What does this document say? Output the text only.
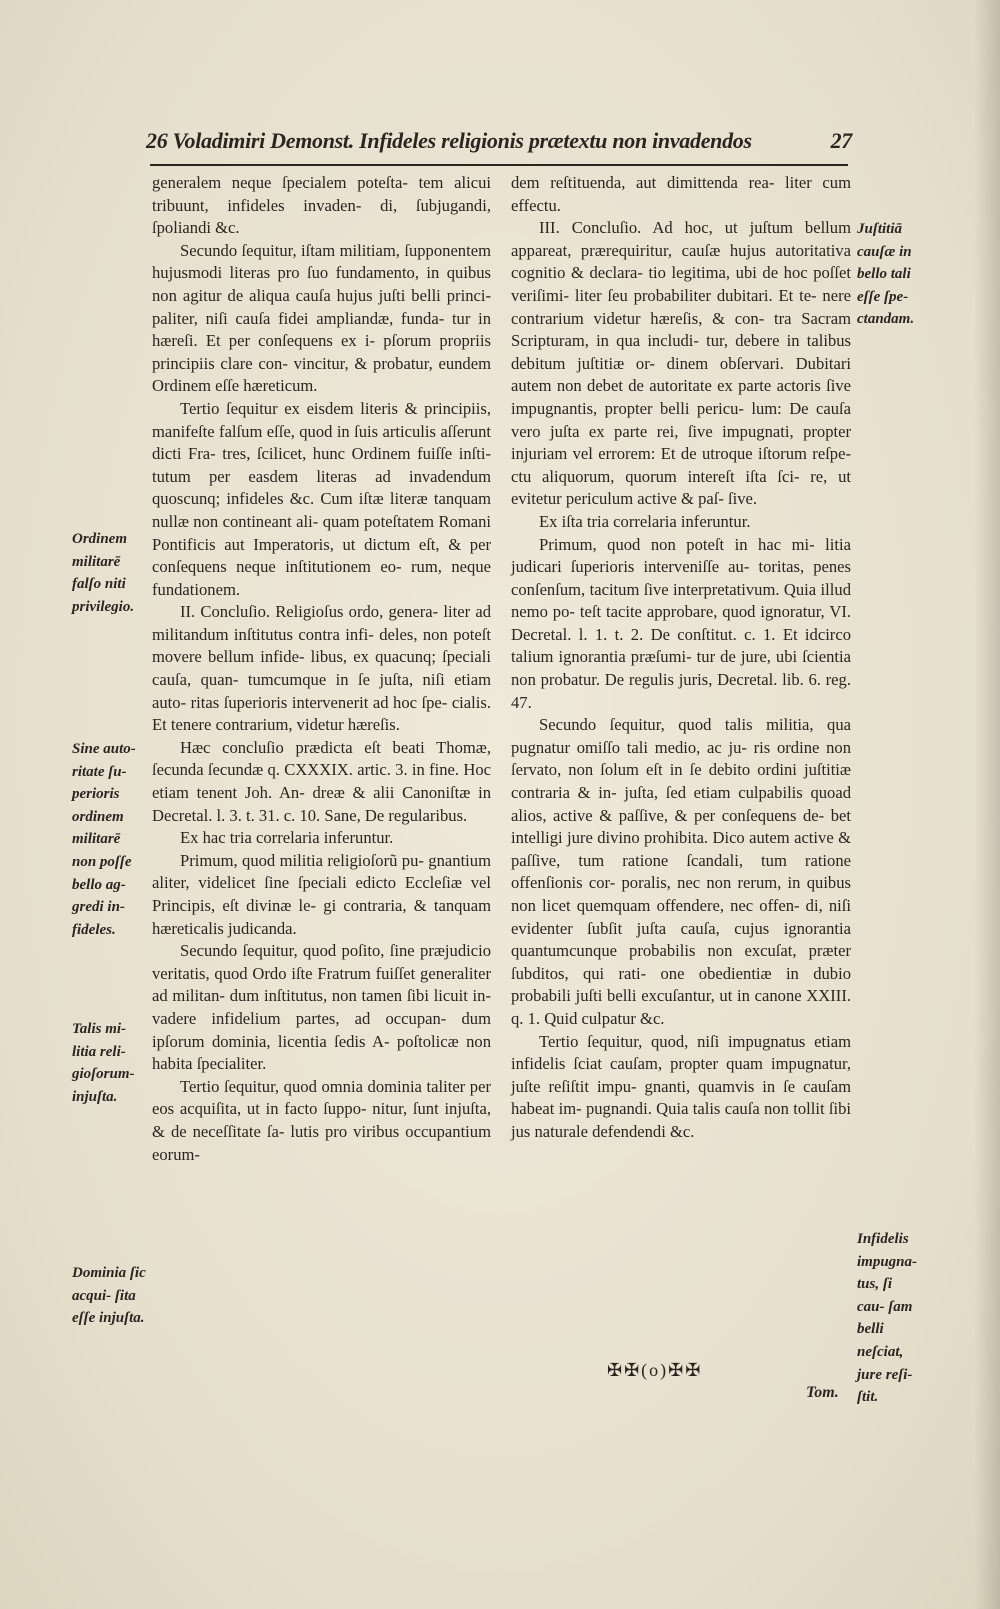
26 Voladimiri Demonst. Infideles religionis prætextu non invadendos	27

generalem neque ſpecialem poteſta- tem alicui tribuunt, infideles invaden- di, ſubjugandi, ſpoliandi &c.

Secundo ſequitur, iſtam militiam, ſupponentem hujusmodi literas pro ſuo fundamento, in quibus non agitur de aliqua cauſa hujus juſti belli princi- paliter, niſi cauſa fidei ampliandæ, funda- tur in hæreſi. Et per conſequens ex i- pſorum propriis principiis clare con- vincitur, & probatur, eundem Ordinem eſſe hæreticum.

Tertio ſequitur ex eisdem literis & principiis, manifeſte falſum eſſe, quod in ſuis articulis aſſerunt dicti Fra- tres, ſcilicet, hunc Ordinem fuiſſe inſti- tutum per easdem literas ad invadendum quoscunq; infideles &c. Cum iſtæ literæ tanquam nullæ non contineant ali- quam poteſtatem Romani Pontificis aut Imperatoris, ut dictum eſt, & per conſequens neque inſtitutionem eo- rum, neque fundationem.

II. Concluſio. Religioſus ordo, genera- liter ad militandum inſtitutus contra infi- deles, non poteſt movere bellum infide- libus, ex quacunq; ſpeciali cauſa, quan- tumcumque in ſe juſta, niſi etiam auto- ritas ſuperioris intervenerit ad hoc ſpe- cialis. Et tenere contrarium, videtur hæreſis.

Hæc concluſio prædicta eſt beati Thomæ, ſecunda ſecundæ q. CXXXIX. artic. 3. in fine. Hoc etiam tenent Joh. An- dreæ & alii Canoniſtæ in Decretal. l. 3. t. 31. c. 10. Sane, De regularibus.

Ex hac tria correlaria inferuntur.

Primum, quod militia religioſorũ pu- gnantium aliter, videlicet ſine ſpeciali edicto Eccleſiæ vel Principis, eſt divinæ le- gi contraria, & tanquam hæreticalis judicanda.

Secundo ſequitur, quod poſito, ſine præjudicio veritatis, quod Ordo iſte Fratrum fuiſſet generaliter ad militan- dum inſtitutus, non tamen ſibi licuit in- vadere infidelium partes, ad occupan- dum ipſorum dominia, licentia ſedis A- poſtolicæ non habita ſpecialiter.

Tertio ſequitur, quod omnia dominia taliter per eos acquiſita, ut in facto ſuppo- nitur, ſunt injuſta, & de neceſſitate ſa- lutis pro viribus occupantium eorum-

dem reſtituenda, aut dimittenda rea- liter cum effectu.

III. Concluſio. Ad hoc, ut juſtum bellum appareat, prærequiritur, cauſæ hujus autoritativa cognitio & declara- tio legitima, ubi de hoc poſſet veriſimi- liter ſeu probabiliter dubitari. Et te- nere contrarium videtur hæreſis, & con- tra Sacram Scripturam, in qua includi- tur, debere in talibus debitum juſtitiæ or- dinem obſervari. Dubitari autem non debet de autoritate ex parte actoris ſive impugnantis, propter belli pericu- lum: De cauſa vero juſta ex parte rei, ſive impugnati, propter injuriam vel errorem: Et de utroque iſtorum reſpe- ctu aliquorum, quorum intereſt iſta ſci- re, ut evitetur periculum active & paſ- ſive.

Ex iſta tria correlaria inferuntur.

Primum, quod non poteſt in hac mi- litia judicari ſuperioris interveniſſe au- toritas, penes conſenſum, tacitum ſive interpretativum. Quia illud nemo po- teſt tacite approbare, quod ignoratur, VI. Decretal. l. 1. t. 2. De conſtitut. c. 1. Et idcirco talium ignorantia præſumi- tur de jure, ubi ſcientia non probatur. De regulis juris, Decretal. lib. 6. reg. 47.

Secundo ſequitur, quod talis militia, qua pugnatur omiſſo tali medio, ac ju- ris ordine non ſervato, non ſolum eſt in ſe debito ordini juſtitiæ contraria & in- juſta, ſed etiam culpabilis quoad alios, active & paſſive, & per conſequens de- bet intelligi jure divino prohibita. Dico autem active & paſſive, tum ratione ſcandali, tum ratione offenſionis cor- poralis, nec non rerum, in quibus non licet quemquam offendere, nec offen- di, niſi evidenter ſubſit juſta cauſa, cujus ignorantia quantumcunque probabilis non excuſat, præter ſubditos, qui rati- one obedientiæ in dubio probabili juſti belli excuſantur, ut in canone XXIII. q. 1. Quid culpatur &c.

Tertio ſequitur, quod, niſi impugnatus etiam infidelis ſciat cauſam, propter quam impugnatur, juſte reſiſtit impu- gnanti, quamvis in ſe cauſam habeat im- pugnandi. Quia talis cauſa non tollit ſibi jus naturale defendendi &c.

Ordinem militarē falſo niti privilegio.
Sine auto- ritate ſu- perioris ordinem militarē non poſſe bello ag- gredi in- fideles.
Talis mi- litia reli- gioſorum- injuſta.
Dominia ſic acqui- ſita eſſe injuſta.
Juſtitiā cauſæ in bello tali eſſe ſpe- ctandam.
Infidelis impugna- tus, ſi cau- ſam belli neſciat, jure reſi- ſtit.
✠✠(o)✠✠
Tom.
